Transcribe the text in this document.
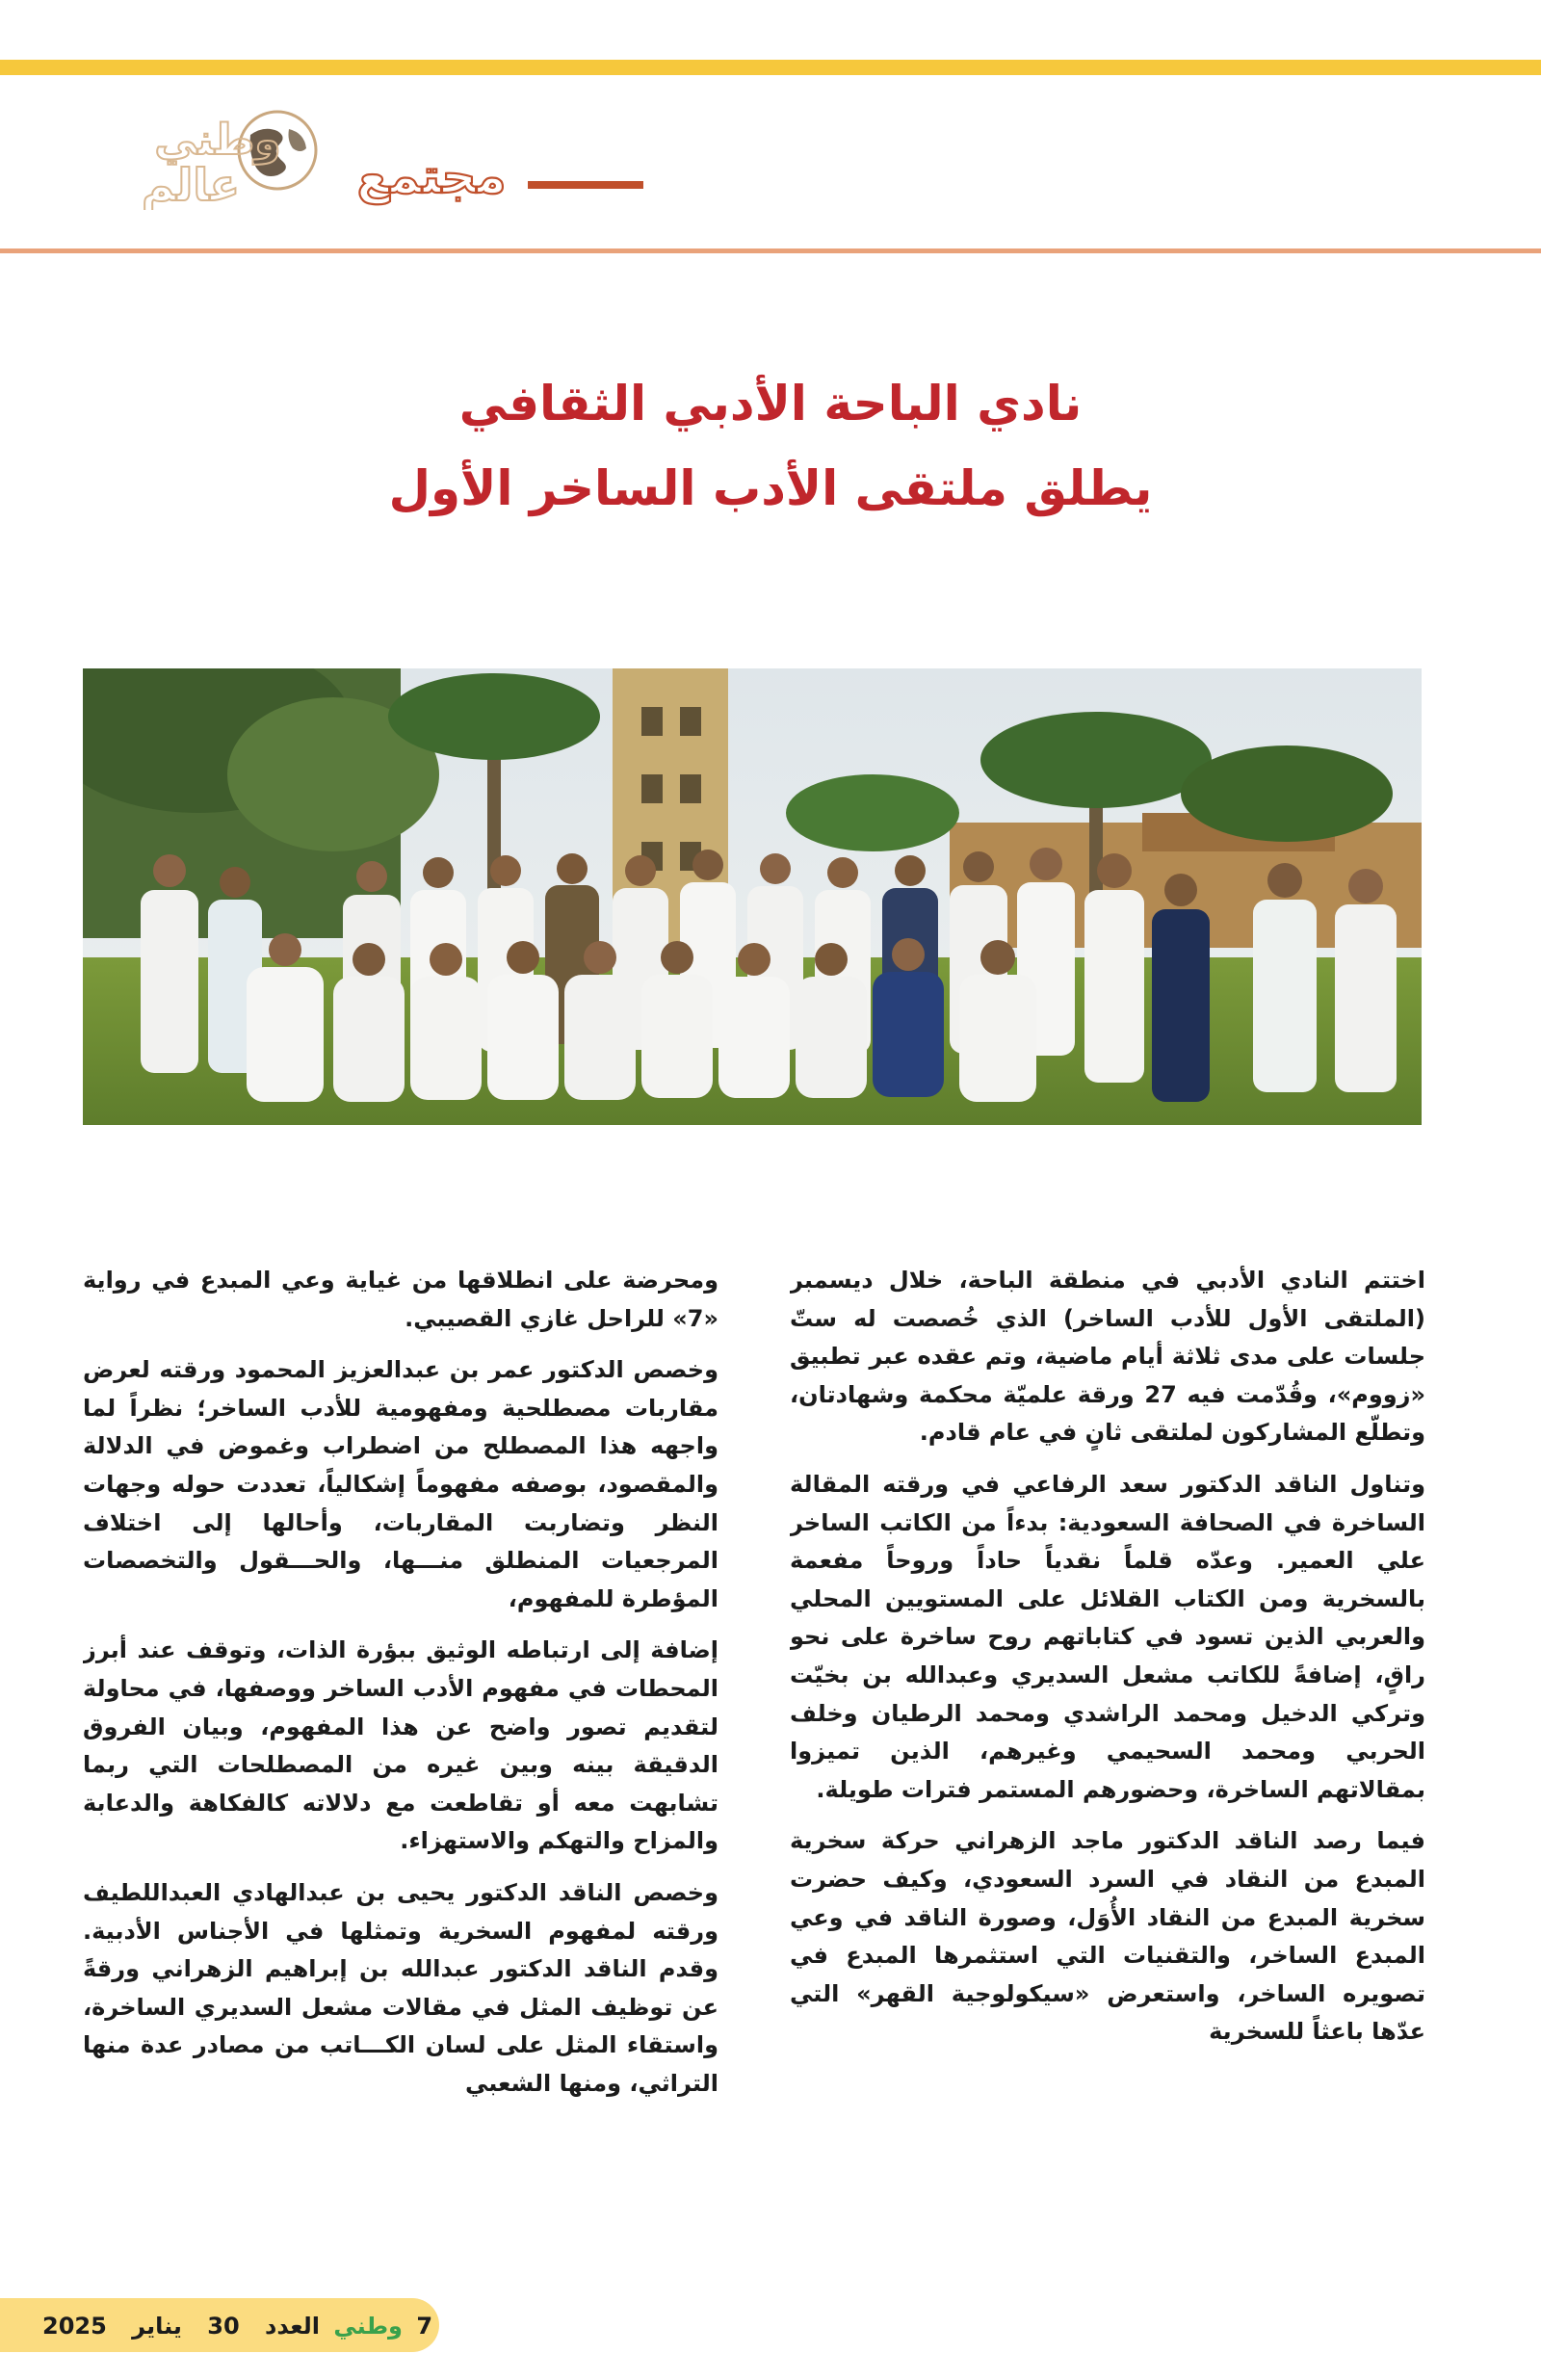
وطني
عالم مجتمع
نادي الباحة الأدبي الثقافي
يطلق ملتقى الأدب الساخر الأول

اختتم النادي الأدبي في منطقة الباحة، خلال ديسمبر (الملتقى الأول للأدب الساخر) الذي خُصصت له ستّ جلسات على مدى ثلاثة أيام ماضية، وتم عقده عبر تطبيق «زووم»، وقُدّمت فيه 27 ورقة علميّة محكمة وشهادتان، وتطلّع المشاركون لملتقى ثانٍ في عام قادم.

وتناول الناقد الدكتور سعد الرفاعي في ورقته المقالة الساخرة في الصحافة السعودية: بدءاً من الكاتب الساخر علي العمير. وعدّه قلماً نقدياً حاداً وروحاً مفعمة بالسخرية ومن الكتاب القلائل على المستويين المحلي والعربي الذين تسود في كتاباتهم روح ساخرة على نحو راقٍ، إضافةً للكاتب مشعل السديري وعبدالله بن بخيّت وتركي الدخيل ومحمد الراشدي ومحمد الرطيان وخلف الحربي ومحمد السحيمي وغيرهم، الذين تميزوا بمقالاتهم الساخرة، وحضورهم المستمر فترات طويلة.

فيما رصد الناقد الدكتور ماجد الزهراني حركة سخرية المبدع من النقاد في السرد السعودي، وكيف حضرت سخرية المبدع من النقاد الأُوَل، وصورة الناقد في وعي المبدع الساخر، والتقنيات التي استثمرها المبدع في تصويره الساخر، واستعرض «سيكولوجية القهر» التي عدّها باعثاً للسخرية

ومحرضة على انطلاقها من غياية وعي المبدع في رواية «7» للراحل غازي القصيبي.

وخصص الدكتور عمر بن عبدالعزيز المحمود ورقته لعرض مقاربات مصطلحية ومفهومية للأدب الساخر؛ نظراً لما واجهه هذا المصطلح من اضطراب وغموض في الدلالة والمقصود، بوصفه مفهوماً إشكالياً، تعددت حوله وجهات النظر وتضاربت المقاربات، وأحالها إلى اختلاف المرجعيات المنطلق منـــها، والحـــقول والتخصصات المؤطرة للمفهوم،

إضافة إلى ارتباطه الوثيق ببؤرة الذات، وتوقف عند أبرز المحطات في مفهوم الأدب الساخر ووصفها، في محاولة لتقديم تصور واضح عن هذا المفهوم، وبيان الفروق الدقيقة بينه وبين غيره من المصطلحات التي ربما تشابهت معه أو تقاطعت مع دلالاته كالفكاهة والدعابة والمزاح والتهكم والاستهزاء.

وخصص الناقد الدكتور يحيى بن عبدالهادي العبداللطيف ورقته لمفهوم السخرية وتمثلها في الأجناس الأدبية. وقدم الناقد الدكتور عبدالله بن إبراهيم الزهراني ورقةً عن توظيف المثل في مقالات مشعل السديري الساخرة، واستقاء المثل على لسان الكـــاتب من مصادر عدة منها التراثي، ومنها الشعبي

2025 يناير 30 العدد وطني 7
